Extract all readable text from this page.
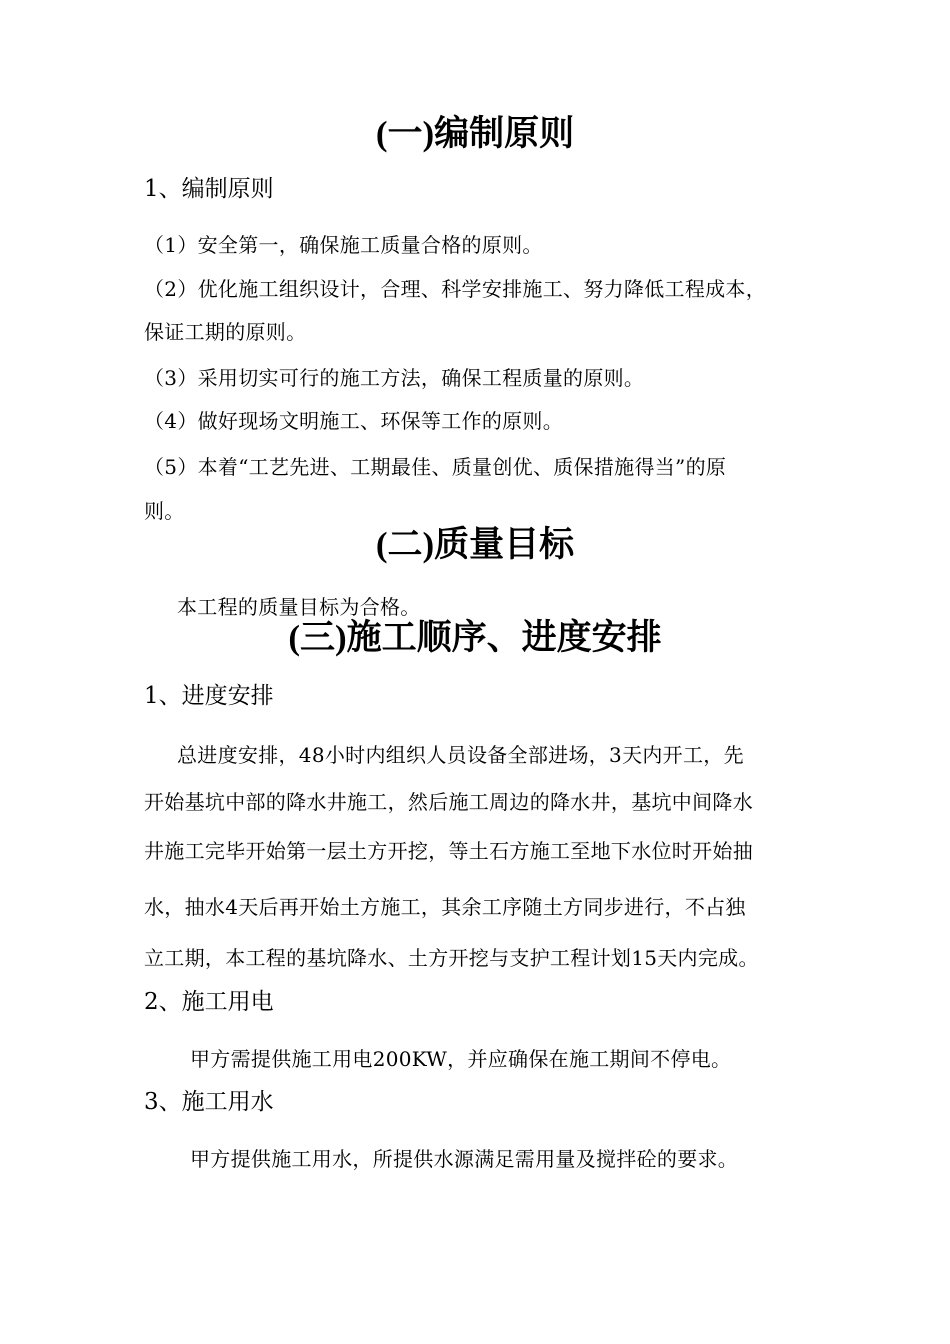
(一)编制原则
1、编制原则
（1）安全第一，确保施工质量合格的原则。
（2）优化施工组织设计，合理、科学安排施工、努力降低工程成本，
保证工期的原则。
（3）采用切实可行的施工方法，确保工程质量的原则。
（4）做好现场文明施工、环保等工作的原则。
（5）本着“工艺先进、工期最佳、质量创优、质保措施得当”的原
则。
(二)质量目标
本工程的质量目标为合格。
(三)施工顺序、进度安排
1、进度安排
总进度安排，48小时内组织人员设备全部进场，3天内开工，先
开始基坑中部的降水井施工，然后施工周边的降水井，基坑中间降水
井施工完毕开始第一层土方开挖，等土石方施工至地下水位时开始抽
水，抽水4天后再开始土方施工，其余工序随土方同步进行，不占独
立工期，本工程的基坑降水、土方开挖与支护工程计划15天内完成。
2、施工用电
甲方需提供施工用电200KW，并应确保在施工期间不停电。
3、施工用水
甲方提供施工用水，所提供水源满足需用量及搅拌砼的要求。
